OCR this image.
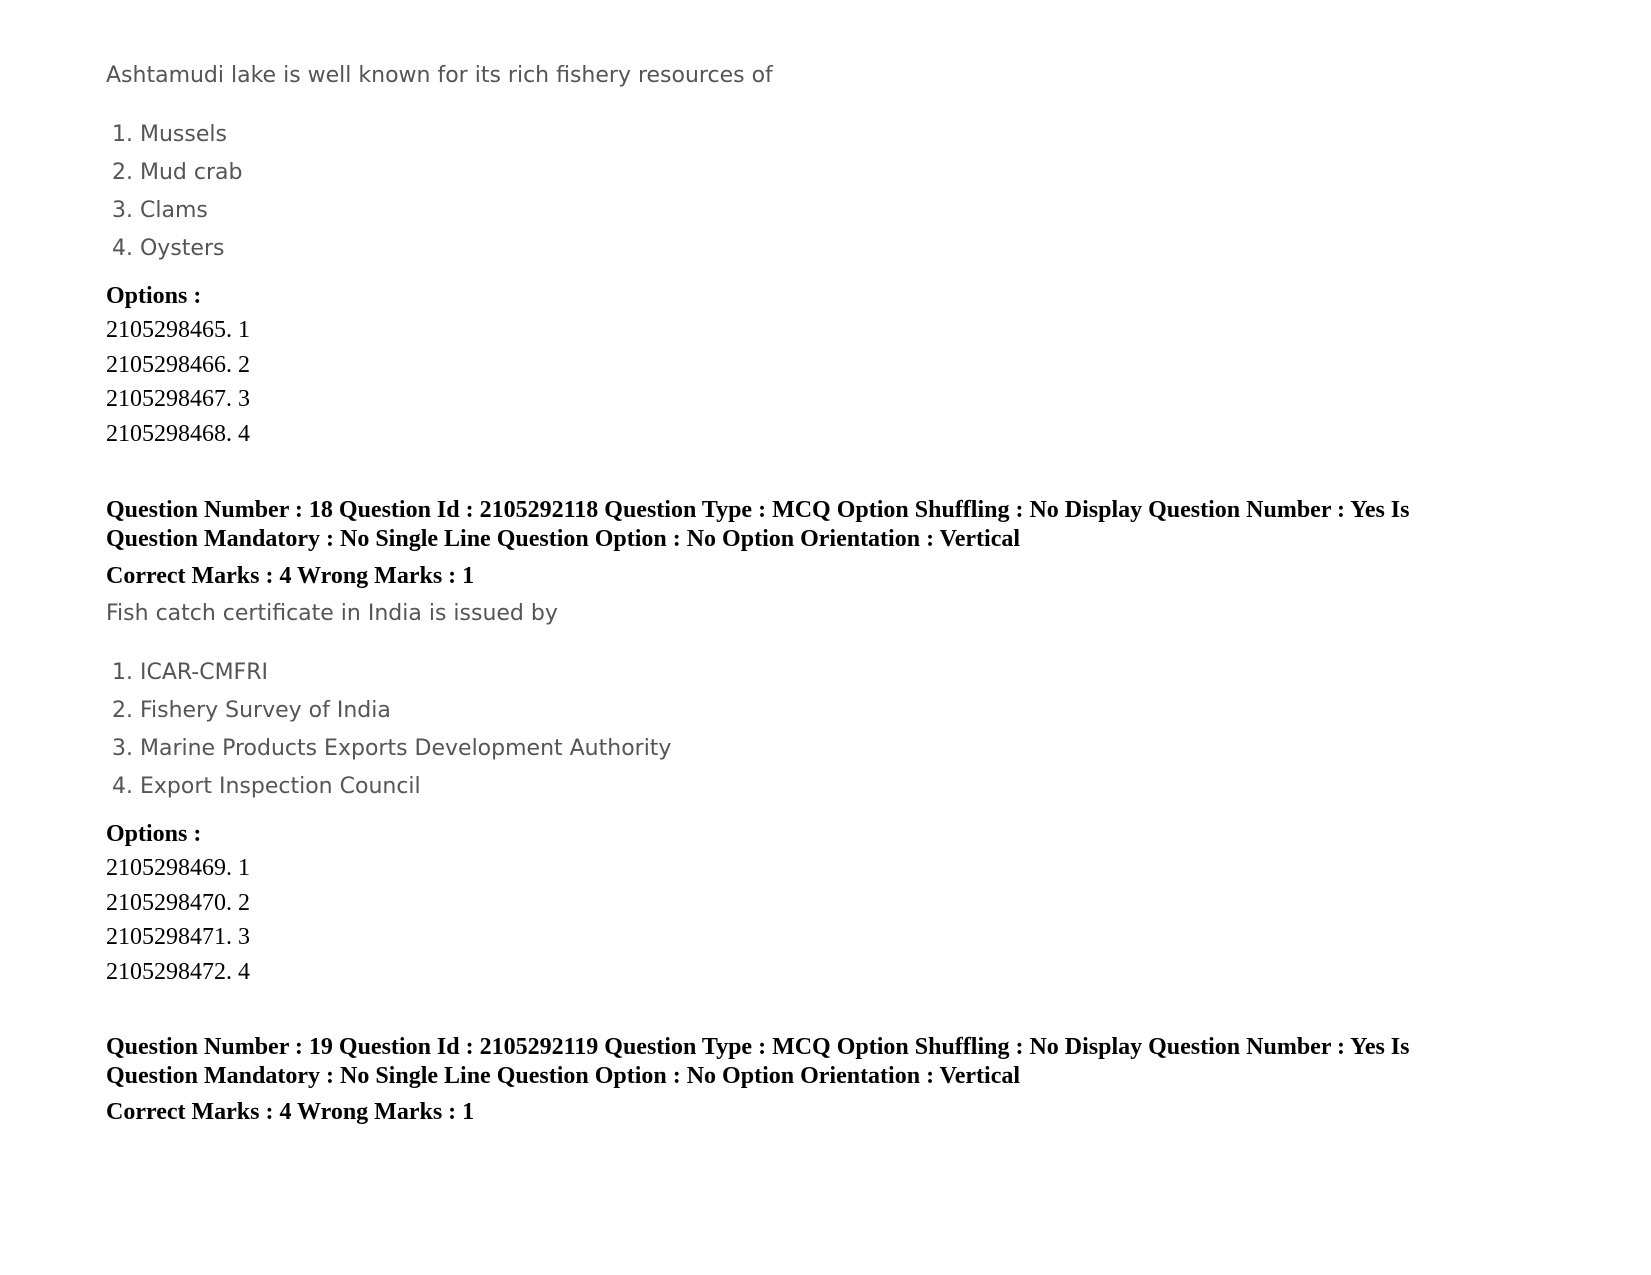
Ashtamudi lake is well known for its rich fishery resources of

1. Mussels
2. Mud crab
3. Clams
4. Oysters

Options :

2105298465. 1

2105298466. 2

2105298467. 3

2105298468. 4

Question Number : 18 Question Id : 2105292118 Question Type : MCQ Option Shuffling : No Display Question Number : Yes Is

Question Mandatory : No Single Line Question Option : No Option Orientation : Vertical

Correct Marks : 4 Wrong Marks : 1

Fish catch certificate in India is issued by

1. ICAR-CMFRI
2. Fishery Survey of India
3. Marine Products Exports Development Authority
4. Export Inspection Council

Options :

2105298469. 1

2105298470. 2

2105298471. 3

2105298472. 4

Question Number : 19 Question Id : 2105292119 Question Type : MCQ Option Shuffling : No Display Question Number : Yes Is

Question Mandatory : No Single Line Question Option : No Option Orientation : Vertical

Correct Marks : 4 Wrong Marks : 1
